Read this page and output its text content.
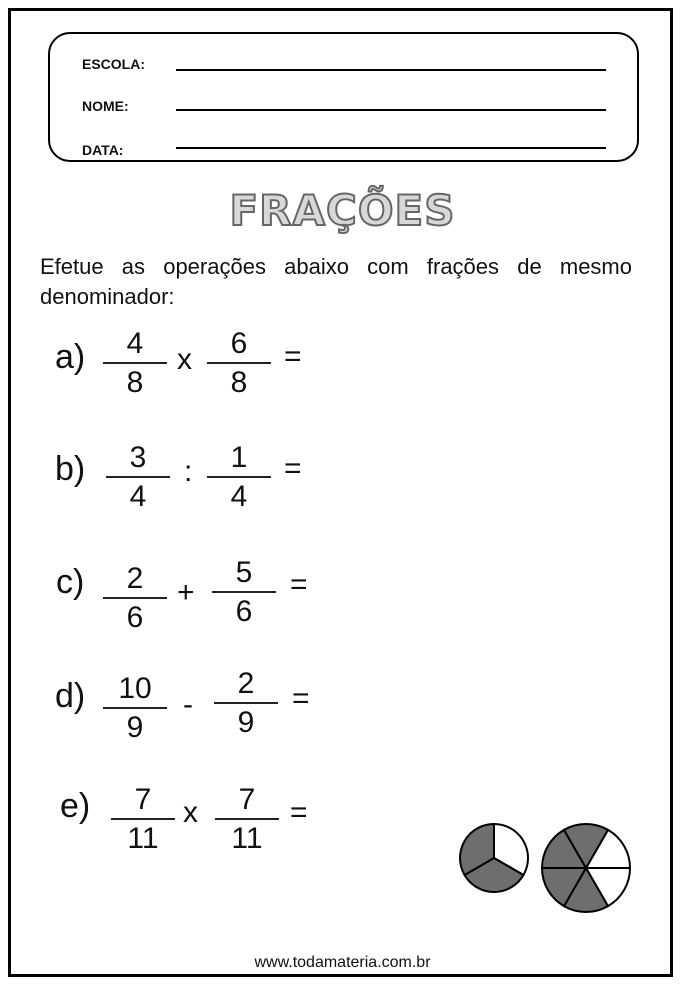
ESCOLA:
NOME:
DATA:
FRAÇÕES
Efetue as operações abaixo com frações de mesmo denominador:
a)	4
8
x	6
8
=
b)	3
4
:	1
4
=
c)	2
6
+
5
6
=
d)	10
9
-
2
9
=
e)	7
11
x	7
11
=
www.todamateria.com.br
